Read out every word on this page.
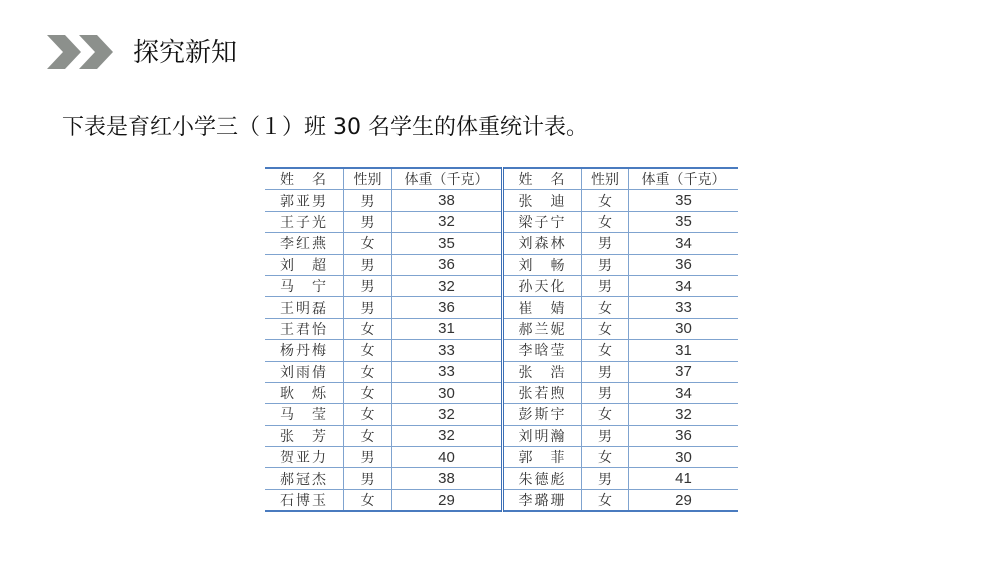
探究新知
下表是育红小学三（１）班 30 名学生的体重统计表。
姓　名	性别	体重（千克）	姓　名	性别	体重（千克）
郭亚男	男	38	张　迪	女	35
王子光	男	32	梁子宁	女	35
李红燕	女	35	刘森林	男	34
刘　超	男	36	刘　畅	男	36
马　宁	男	32	孙天化	男	34
王明磊	男	36	崔　婧	女	33
王君怡	女	31	郝兰妮	女	30
杨丹梅	女	33	李晗莹	女	31
刘雨倩	女	33	张　浩	男	37
耿　烁	女	30	张若煦	男	34
马　莹	女	32	彭斯宇	女	32
张　芳	女	32	刘明瀚	男	36
贺亚力	男	40	郭　菲	女	30
郝冠杰	男	38	朱德彪	男	41
石博玉	女	29	李璐珊	女	29
